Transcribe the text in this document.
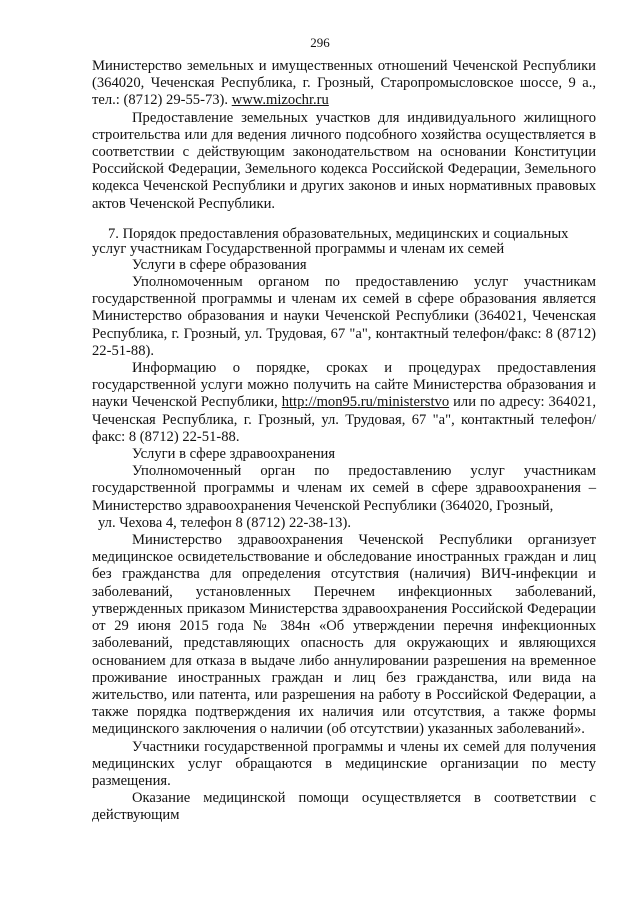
296

Министерство земельных и имущественных отношений Чеченской Республики (364020, Чеченская Республика, г. Грозный, Старопромысловское шоссе, 9 а., тел.: (8712) 29-55-73). www.mizochr.ru

Предоставление земельных участков для индивидуального жилищного строительства или для ведения личного подсобного хозяйства осуществляется в соответствии с действующим законодательством на основании Конституции Российской Федерации, Земельного кодекса Российской Федерации, Земельного кодекса Чеченской Республики и других законов и иных нормативных правовых актов Чеченской Республики.

7. Порядок предоставления образовательных, медицинских и социальных услуг участникам Государственной программы и членам их семей

Услуги в сфере образования

Уполномоченным органом по предоставлению услуг участникам государственной программы и членам их семей в сфере образования является Министерство образования и науки Чеченской Республики (364021, Чеченская Республика, г. Грозный, ул. Трудовая, 67 "а", контактный телефон/факс: 8 (8712) 22-51-88).

Информацию о порядке, сроках и процедурах предоставления государственной услуги можно получить на сайте Министерства образования и науки Чеченской Республики, http://mon95.ru/ministerstvo или по адресу: 364021, Чеченская Республика, г. Грозный, ул. Трудовая, 67 "а", контактный телефон/факс: 8 (8712) 22-51-88.

Услуги в сфере здравоохранения

Уполномоченный орган по предоставлению услуг участникам государственной программы и членам их семей в сфере здравоохранения – Министерство здравоохранения Чеченской Республики (364020, Грозный,

ул. Чехова 4, телефон 8 (8712) 22-38-13).

Министерство здравоохранения Чеченской Республики организует медицинское освидетельствование и обследование иностранных граждан и лиц без гражданства для определения отсутствия (наличия) ВИЧ-инфекции и заболеваний, установленных Перечнем инфекционных заболеваний, утвержденных приказом Министерства здравоохранения Российской Федерации от 29 июня 2015 года № 384н «Об утверждении перечня инфекционных заболеваний, представляющих опасность для окружающих и являющихся основанием для отказа в выдаче либо аннулировании разрешения на временное проживание иностранных граждан и лиц без гражданства, или вида на жительство, или патента, или разрешения на работу в Российской Федерации, а также порядка подтверждения их наличия или отсутствия, а также формы медицинского заключения о наличии (об отсутствии) указанных заболеваний».

Участники государственной программы и члены их семей для получения медицинских услуг обращаются в медицинские организации по месту размещения.

Оказание медицинской помощи осуществляется в соответствии с действующим
